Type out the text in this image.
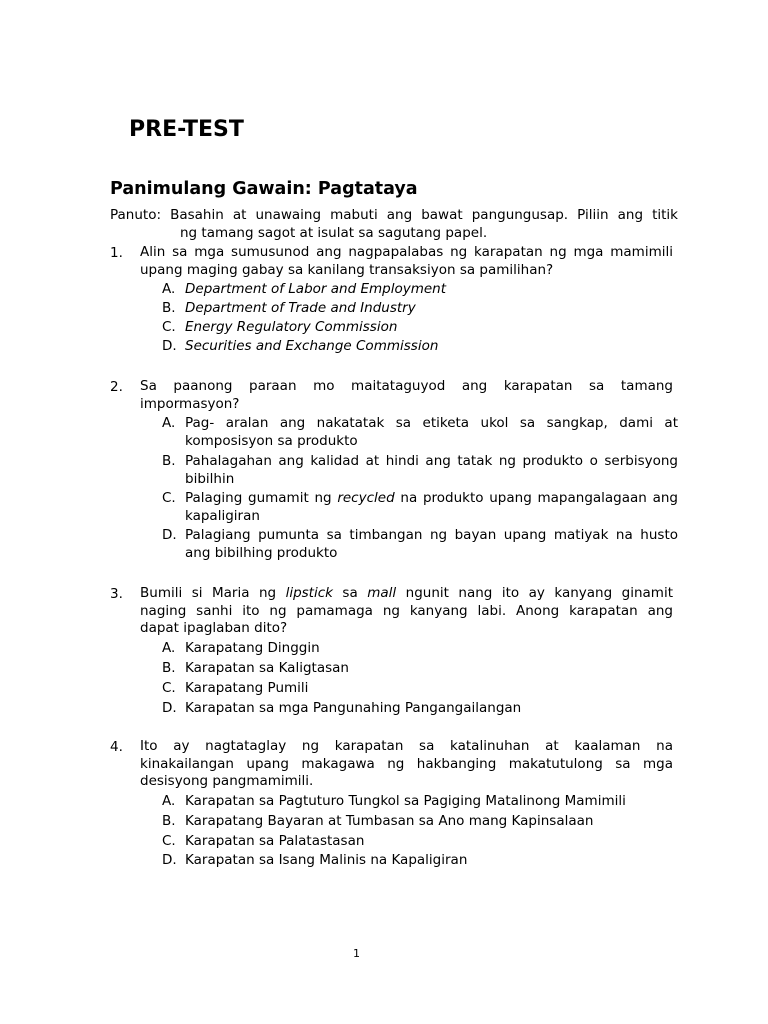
PRE-TEST
Panimulang Gawain: Pagtataya

Panuto: Basahin at unawaing mabuti ang bawat pangungusap. Piliin ang titik

ng tamang sagot at isulat sa sagutang papel.

1. Alin sa mga sumusunod ang nagpapalabas ng karapatan ng mga mamimili
upang maging gabay sa kanilang transaksiyon sa pamilihan?
A. Department of Labor and Employment
B. Department of Trade and Industry
C. Energy Regulatory Commission
D. Securities and Exchange Commission
2. Sa paanong paraan mo maitataguyod ang karapatan sa tamang
impormasyon?
A. Pag- aralan ang nakatatak sa etiketa ukol sa sangkap, dami at komposisyon sa produkto
B. Pahalagahan ang kalidad at hindi ang tatak ng produkto o serbisyong bibilhin
C. Palaging gumamit ng recycled na produkto upang mapangalagaan ang kapaligiran
D. Palagiang pumunta sa timbangan ng bayan upang matiyak na husto ang bibilhing produkto
3. Bumili si Maria ng lipstick sa mall ngunit nang ito ay kanyang ginamit
naging sanhi ito ng pamamaga ng kanyang labi. Anong karapatan ang
dapat ipaglaban dito?
A. Karapatang Dinggin
B. Karapatan sa Kaligtasan
C. Karapatang Pumili
D. Karapatan sa mga Pangunahing Pangangailangan
4. Ito ay nagtataglay ng karapatan sa katalinuhan at kaalaman na
kinakailangan upang makagawa ng hakbanging makatutulong sa mga
desisyong pangmamimili.
A. Karapatan sa Pagtuturo Tungkol sa Pagiging Matalinong Mamimili
B. Karapatang Bayaran at Tumbasan sa Ano mang Kapinsalaan
C. Karapatan sa Palatastasan
D. Karapatan sa Isang Malinis na Kapaligiran
1
